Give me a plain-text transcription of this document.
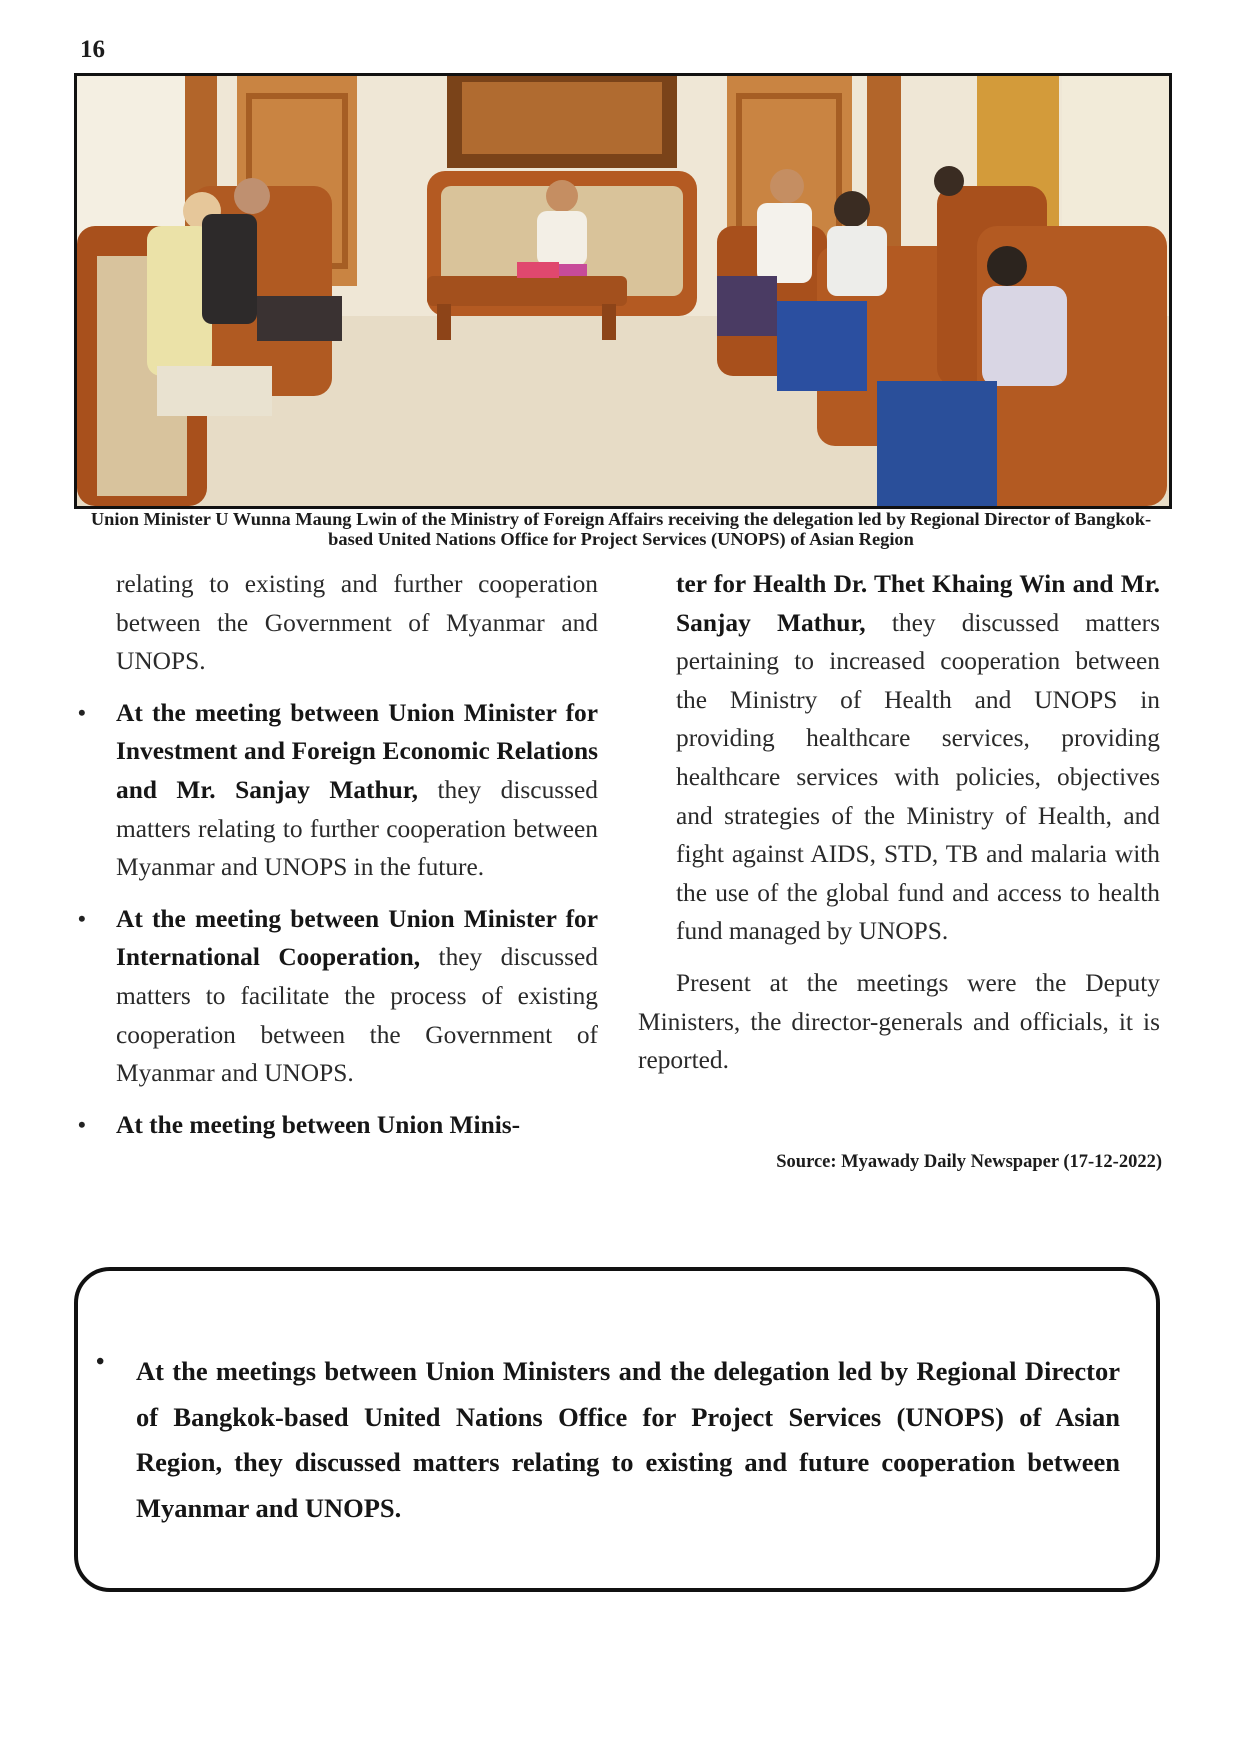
16
Union Minister U Wunna Maung Lwin of the Ministry of Foreign Affairs receiving the delegation led by Regional Director of Bangkok-based United Nations Office for Project Services (UNOPS) of Asian Region

relating to existing and further cooperation between the Government of Myanmar and UNOPS.

• At the meeting between Union Minister for Investment and Foreign Economic Relations and Mr. Sanjay Mathur, they discussed matters relating to further cooperation between Myanmar and UNOPS in the future.
• At the meeting between Union Minister for International Cooperation, they discussed matters to facilitate the process of existing cooperation between the Government of Myanmar and UNOPS.
• At the meeting between Union Minis-

ter for Health Dr. Thet Khaing Win and Mr. Sanjay Mathur, they discussed matters pertaining to increased cooperation between the Ministry of Health and UNOPS in providing healthcare services, providing healthcare services with policies, objectives and strategies of the Ministry of Health, and fight against AIDS, STD, TB and malaria with the use of the global fund and access to health fund managed by UNOPS.

Present at the meetings were the Deputy Ministers, the director-generals and officials, it is reported.

Source: Myawady Daily Newspaper (17-12-2022)
• At the meetings between Union Ministers and the delegation led by Regional Director of Bangkok-based United Nations Office for Project Services (UNOPS) of Asian Region, they discussed matters relating to existing and future cooperation between Myanmar and UNOPS.
